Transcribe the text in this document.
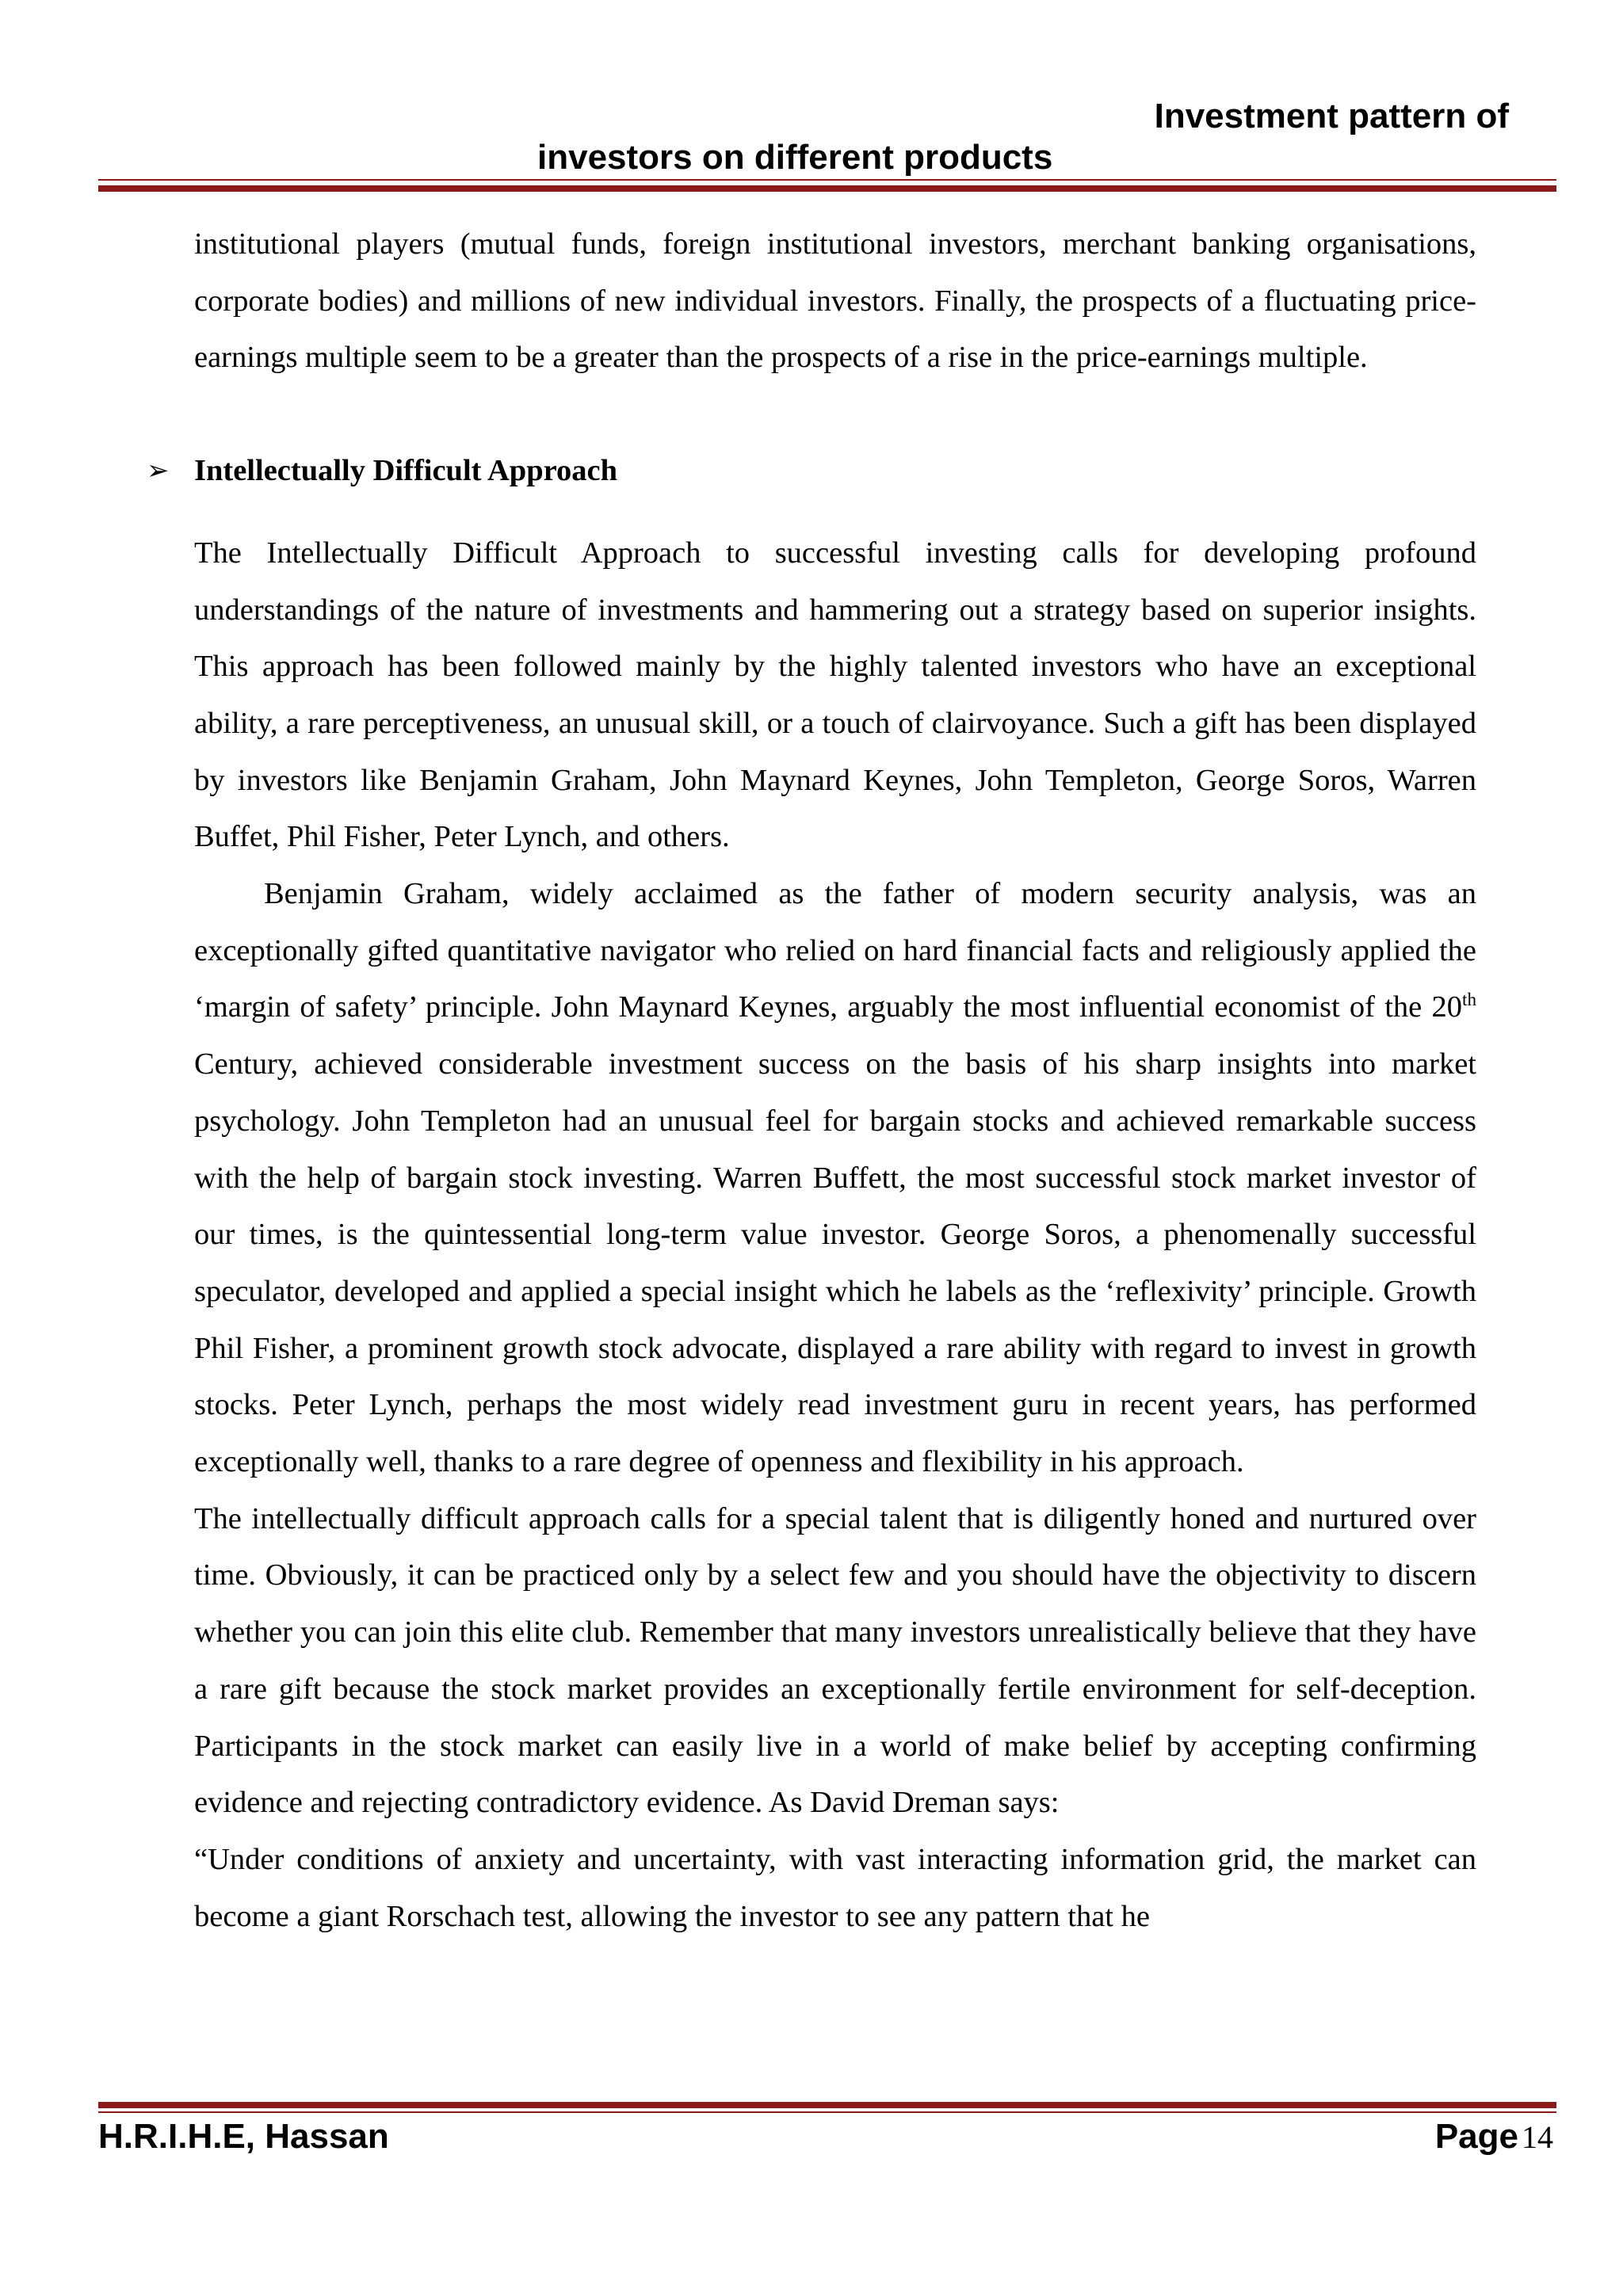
Investment pattern of
investors on different products

institutional players (mutual funds, foreign institutional investors, merchant banking organisations, corporate bodies) and millions of new individual investors. Finally, the prospects of a fluctuating price-earnings multiple seem to be a greater than the prospects of a rise in the price-earnings multiple.

➢ Intellectually Difficult Approach

The Intellectually Difficult Approach to successful investing calls for developing profound understandings of the nature of investments and hammering out a strategy based on superior insights. This approach has been followed mainly by the highly talented investors who have an exceptional ability, a rare perceptiveness, an unusual skill, or a touch of clairvoyance. Such a gift has been displayed by investors like Benjamin Graham, John Maynard Keynes, John Templeton, George Soros, Warren Buffet, Phil Fisher, Peter Lynch, and others.

Benjamin Graham, widely acclaimed as the father of modern security analysis, was an exceptionally gifted quantitative navigator who relied on hard financial facts and religiously applied the ‘margin of safety’ principle. John Maynard Keynes, arguably the most influential economist of the 20th Century, achieved considerable investment success on the basis of his sharp insights into market psychology. John Templeton had an unusual feel for bargain stocks and achieved remarkable success with the help of bargain stock investing. Warren Buffett, the most successful stock market investor of our times, is the quintessential long-term value investor. George Soros, a phenomenally successful speculator, developed and applied a special insight which he labels as the ‘reflexivity’ principle. Growth Phil Fisher, a prominent growth stock advocate, displayed a rare ability with regard to invest in growth stocks. Peter Lynch, perhaps the most widely read investment guru in recent years, has performed exceptionally well, thanks to a rare degree of openness and flexibility in his approach.

The intellectually difficult approach calls for a special talent that is diligently honed and nurtured over time. Obviously, it can be practiced only by a select few and you should have the objectivity to discern whether you can join this elite club. Remember that many investors unrealistically believe that they have a rare gift because the stock market provides an exceptionally fertile environment for self-deception. Participants in the stock market can easily live in a world of make belief by accepting confirming evidence and rejecting contradictory evidence. As David Dreman says:

“Under conditions of anxiety and uncertainty, with vast interacting information grid, the market can become a giant Rorschach test, allowing the investor to see any pattern that he

H.R.I.H.E, Hassan	Page 14
